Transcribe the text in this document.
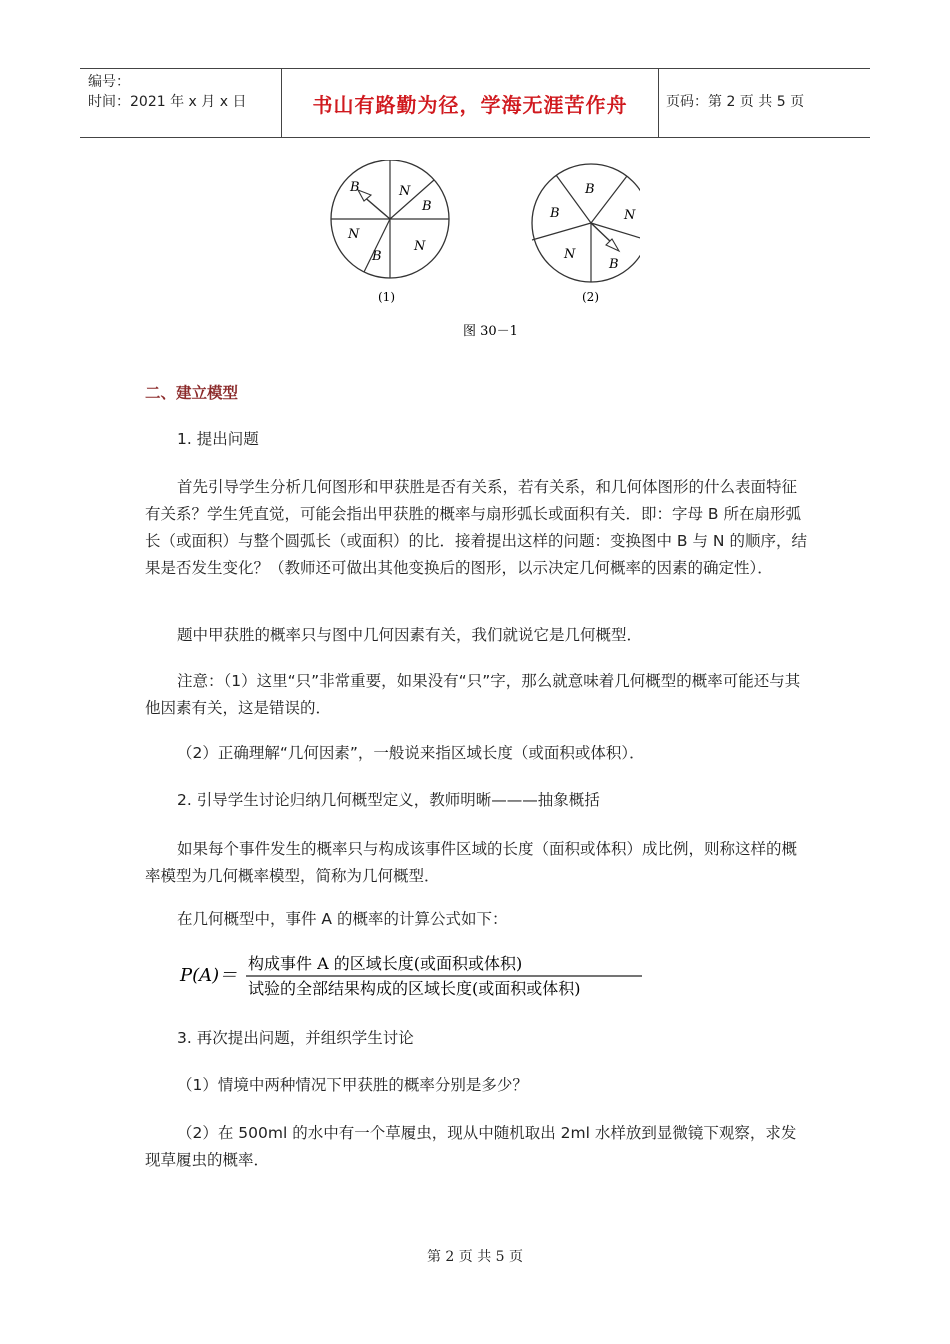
编号：
时间：2021 年 x 月 x 日	书山有路勤为径，学海无涯苦作舟	页码：第 2 页 共 5 页
B	N
B
N
B
N
(1)
B
B	N
B
N
(2)
图 30－1
二、建立模型
1. 提出问题
首先引导学生分析几何图形和甲获胜是否有关系，若有关系，和几何体图形的什么表面特征有关系？学生凭直觉，可能会指出甲获胜的概率与扇形弧长或面积有关．即：字母 B 所在扇形弧长（或面积）与整个圆弧长（或面积）的比．接着提出这样的问题：变换图中 B 与 N 的顺序，结果是否发生变化？（教师还可做出其他变换后的图形，以示决定几何概率的因素的确定性）．
题中甲获胜的概率只与图中几何因素有关，我们就说它是几何概型．
注意：（1）这里“只”非常重要，如果没有“只”字，那么就意味着几何概型的概率可能还与其他因素有关，这是错误的．
（2）正确理解“几何因素”，一般说来指区域长度（或面积或体积）．
2. 引导学生讨论归纳几何概型定义，教师明晰———抽象概括
如果每个事件发生的概率只与构成该事件区域的长度（面积或体积）成比例，则称这样的概率模型为几何概率模型，简称为几何概型．
在几何概型中，事件 A 的概率的计算公式如下：
P(A)＝
构成事件 A 的区域长度(或面积或体积)
试验的全部结果构成的区域长度(或面积或体积)
3. 再次提出问题，并组织学生讨论
（1）情境中两种情况下甲获胜的概率分别是多少？
（2）在 500ml 的水中有一个草履虫，现从中随机取出 2ml 水样放到显微镜下观察，求发现草履虫的概率．
第 2 页 共 5 页
